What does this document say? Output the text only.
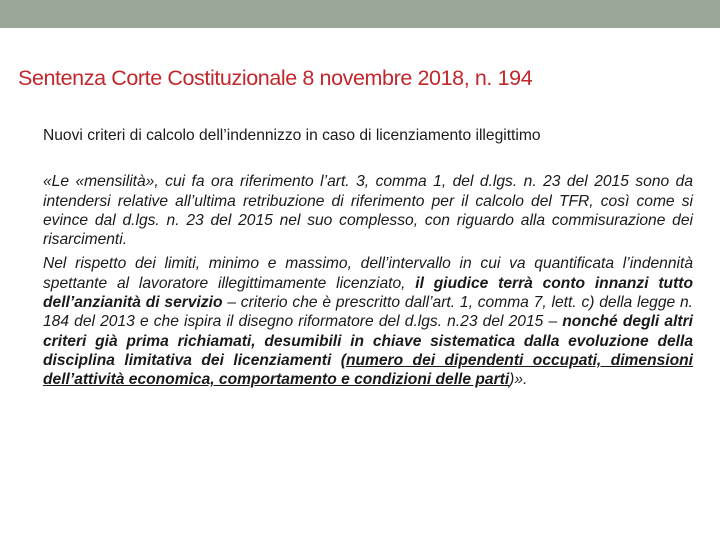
Sentenza Corte Costituzionale 8 novembre 2018, n. 194

Nuovi criteri di calcolo dell’indennizzo in caso di licenziamento illegittimo

«Le «mensilità», cui fa ora riferimento l’art. 3, comma 1, del d.lgs. n. 23 del 2015 sono da intendersi relative all’ultima retribuzione di riferimento per il calcolo del TFR, così come si evince dal d.lgs. n. 23 del 2015 nel suo complesso, con riguardo alla commisurazione dei risarcimenti.

Nel rispetto dei limiti, minimo e massimo, dell’intervallo in cui va quantificata l’indennità spettante al lavoratore illegittimamente licenziato, il giudice terrà conto innanzi tutto dell’anzianità di servizio – criterio che è prescritto dall’art. 1, comma 7, lett. c) della legge n. 184 del 2013 e che ispira il disegno riformatore del d.lgs. n.23 del 2015 – nonché degli altri criteri già prima richiamati, desumibili in chiave sistematica dalla evoluzione della disciplina limitativa dei licenziamenti (numero dei dipendenti occupati, dimensioni dell’attività economica, comportamento e condizioni delle parti)».
